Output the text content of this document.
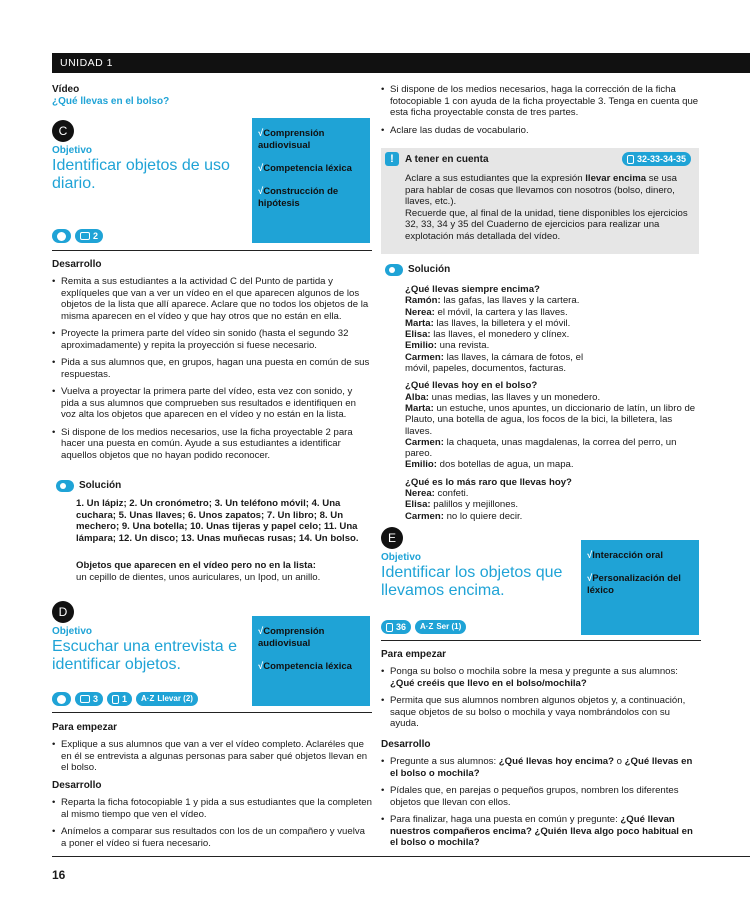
UNIDAD 1
Vídeo
¿Qué llevas en el bolso?
C
Objetivo
Identificar objetos de uso diario.
√Comprensión audiovisual
√Competencia léxica
√Construcción de hipótesis
2
Desarrollo
• Remita a sus estudiantes a la actividad C del Punto de partida y explíqueles que van a ver un vídeo en el que aparecen algunos de los objetos de la lista que allí aparece. Aclare que no todos los objetos de la misma aparecen en el vídeo y que hay otros que no están en ella.
• Proyecte la primera parte del vídeo sin sonido (hasta el segundo 32 aproximadamente) y repita la proyección si fuese necesario.
• Pida a sus alumnos que, en grupos, hagan una puesta en común de sus respuestas.
• Vuelva a proyectar la primera parte del vídeo, esta vez con sonido, y pida a sus alumnos que comprueben sus resultados e identifiquen en voz alta los objetos que aparecen en el vídeo y no están en la lista.
• Si dispone de los medios necesarios, use la ficha proyectable 2 para hacer una puesta en común. Ayude a sus estudiantes a identificar aquellos objetos que no hayan podido reconocer.
Solución
1. Un lápiz; 2. Un cronómetro; 3. Un teléfono móvil; 4. Una cuchara; 5. Unas llaves; 6. Unos zapatos; 7. Un libro; 8. Un mechero; 9. Una botella; 10. Unas tijeras y papel celo; 11. Una lámpara; 12. Un disco; 13. Unas muñecas rusas; 14. Un bolso.
Objetos que aparecen en el vídeo pero no en la lista:
un cepillo de dientes, unos auriculares, un Ipod, un anillo.
D
Objetivo
Escuchar una entrevista e identificar objetos.
√Comprensión audiovisual
√Competencia léxica
3	1 A·Z Llevar (2)
Para empezar
• Explique a sus alumnos que van a ver el vídeo completo. Aclaréles que en él se entrevista a algunas personas para saber qué objetos llevan en el bolso.
Desarrollo
• Reparta la ficha fotocopiable 1 y pida a sus estudiantes que la completen al mismo tiempo que ven el vídeo.
• Anímelos a comparar sus resultados con los de un compañero y vuelva a poner el vídeo si fuera necesario.
• Si dispone de los medios necesarios, haga la corrección de la ficha fotocopiable 1 con ayuda de la ficha proyectable 3. Tenga en cuenta que esta ficha proyectable consta de tres partes.
• Aclare las dudas de vocabulario.
!	A tener en cuenta	32-33-34-35
Aclare a sus estudiantes que la expresión llevar encima se usa para hablar de cosas que llevamos con nosotros (bolso, dinero, llaves, etc.).
Recuerde que, al final de la unidad, tiene disponibles los ejercicios 32, 33, 34 y 35 del Cuaderno de ejercicios para realizar una explotación más detallada del vídeo.
Solución
¿Qué llevas siempre encima?
Ramón: las gafas, las llaves y la cartera.
Nerea: el móvil, la cartera y las llaves.
Marta: las llaves, la billetera y el móvil.
Elisa: las llaves, el monedero y clínex.
Emilio: una revista.
Carmen: las llaves, la cámara de fotos, el móvil, papeles, documentos, facturas.
¿Qué llevas hoy en el bolso?
Alba: unas medias, las llaves y un monedero.
Marta: un estuche, unos apuntes, un diccionario de latín, un libro de Plauto, una botella de agua, los focos de la bici, la billetera, las llaves.
Carmen: la chaqueta, unas magdalenas, la correa del perro, un pareo.
Emilio: dos botellas de agua, un mapa.
¿Qué es lo más raro que llevas hoy?
Nerea: confeti.
Elisa: palillos y mejillones.
Carmen: no lo quiere decir.
E
Objetivo
Identificar los objetos que llevamos encima.
√Interacción oral
√Personalización del léxico
36 A·Z Ser (1)
Para empezar
• Ponga su bolso o mochila sobre la mesa y pregunte a sus alumnos: ¿Qué creéis que llevo en el bolso/mochila?
• Permita que sus alumnos nombren algunos objetos y, a continuación, saque objetos de su bolso o mochila y vaya nombrándolos con su ayuda.
Desarrollo
• Pregunte a sus alumnos: ¿Qué llevas hoy encima? o ¿Qué llevas en el bolso o mochila?
• Pídales que, en parejas o pequeños grupos, nombren los diferentes objetos que llevan con ellos.
• Para finalizar, haga una puesta en común y pregunte: ¿Qué llevan nuestros compañeros encima? ¿Quién lleva algo poco habitual en el bolso o mochila?
16
